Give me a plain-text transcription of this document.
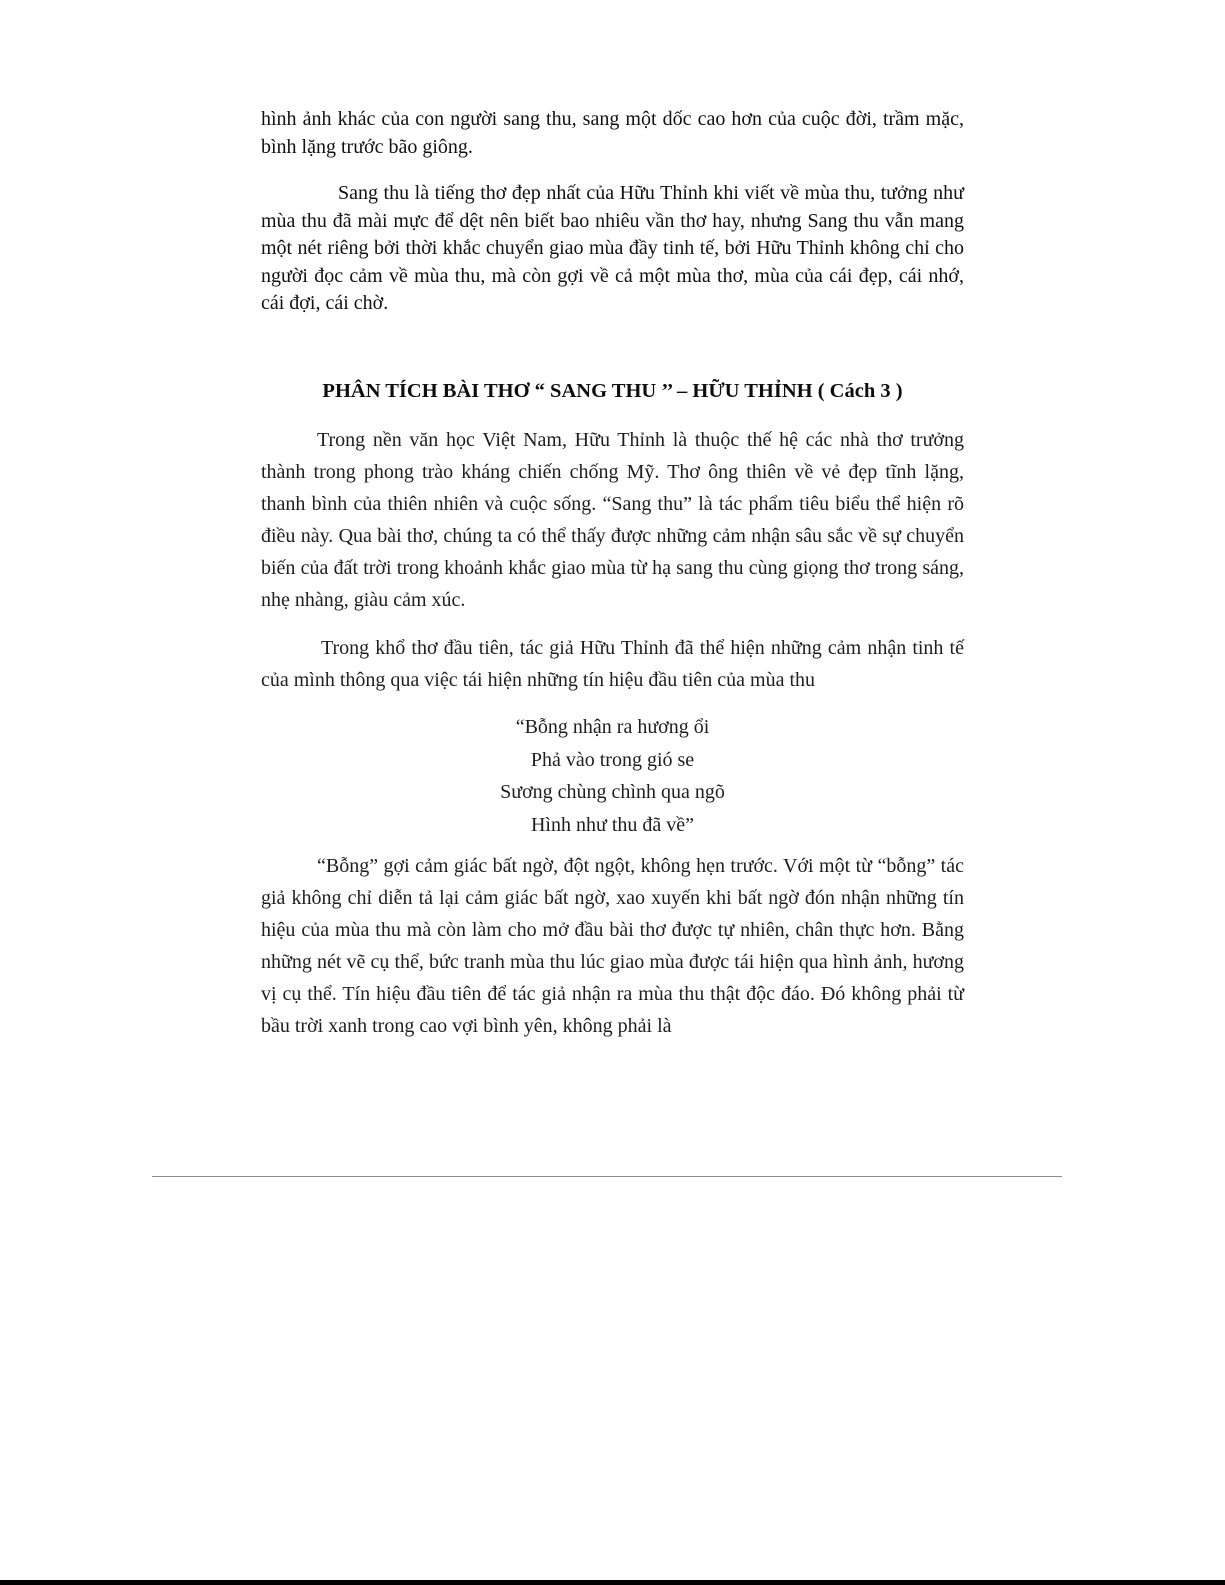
hình ảnh khác của con người sang thu, sang một dốc cao hơn của cuộc đời, trầm mặc, bình lặng trước bão giông.

Sang thu là tiếng thơ đẹp nhất của Hữu Thỉnh khi viết về mùa thu, tưởng như mùa thu đã mài mực để dệt nên biết bao nhiêu vần thơ hay, nhưng Sang thu vẫn mang một nét riêng bởi thời khắc chuyển giao mùa đầy tinh tế, bởi Hữu Thỉnh không chỉ cho người đọc cảm về mùa thu, mà còn gợi về cả một mùa thơ, mùa của cái đẹp, cái nhớ, cái đợi, cái chờ.

PHÂN TÍCH BÀI THƠ “ SANG THU ’’ – HỮU THỈNH ( Cách 3 )

Trong nền văn học Việt Nam, Hữu Thỉnh là thuộc thế hệ các nhà thơ trưởng thành trong phong trào kháng chiến chống Mỹ. Thơ ông thiên về vẻ đẹp tĩnh lặng, thanh bình của thiên nhiên và cuộc sống. “Sang thu” là tác phẩm tiêu biểu thể hiện rõ điều này. Qua bài thơ, chúng ta có thể thấy được những cảm nhận sâu sắc về sự chuyển biến của đất trời trong khoảnh khắc giao mùa từ hạ sang thu cùng giọng thơ trong sáng, nhẹ nhàng, giàu cảm xúc.

Trong khổ thơ đầu tiên, tác giả Hữu Thỉnh đã thể hiện những cảm nhận tinh tế của mình thông qua việc tái hiện những tín hiệu đầu tiên của mùa thu

“Bỗng nhận ra hương ổi
Phả vào trong gió se
Sương chùng chình qua ngõ
Hình như thu đã về”

“Bỗng” gợi cảm giác bất ngờ, đột ngột, không hẹn trước. Với một từ “bỗng” tác giả không chỉ diễn tả lại cảm giác bất ngờ, xao xuyến khi bất ngờ đón nhận những tín hiệu của mùa thu mà còn làm cho mở đầu bài thơ được tự nhiên, chân thực hơn. Bằng những nét vẽ cụ thể, bức tranh mùa thu lúc giao mùa được tái hiện qua hình ảnh, hương vị cụ thể. Tín hiệu đầu tiên để tác giả nhận ra mùa thu thật độc đáo. Đó không phải từ bầu trời xanh trong cao vợi bình yên, không phải là
